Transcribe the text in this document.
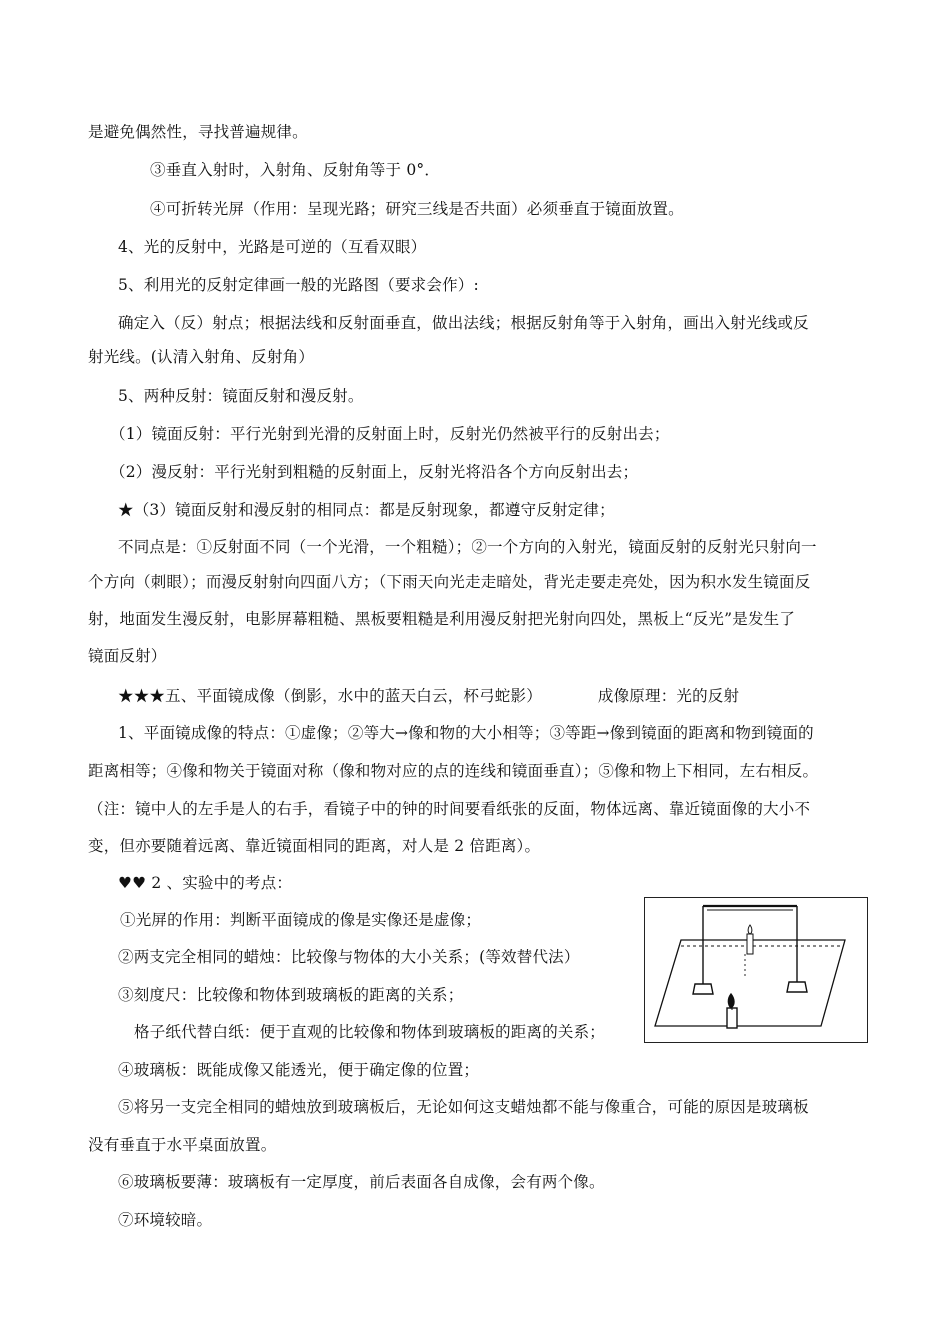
是避免偶然性，寻找普遍规律。
③垂直入射时，入射角、反射角等于 0°．
④可折转光屏（作用：呈现光路；研究三线是否共面）必须垂直于镜面放置。
4、光的反射中，光路是可逆的（互看双眼）
5、利用光的反射定律画一般的光路图（要求会作）:
确定入（反）射点；根据法线和反射面垂直，做出法线；根据反射角等于入射角，画出入射光线或反
射光线。(认清入射角、反射角）
5、两种反射：镜面反射和漫反射。
（1）镜面反射：平行光射到光滑的反射面上时，反射光仍然被平行的反射出去；
（2）漫反射：平行光射到粗糙的反射面上，反射光将沿各个方向反射出去；
★（3）镜面反射和漫反射的相同点：都是反射现象，都遵守反射定律；
不同点是：①反射面不同（一个光滑，一个粗糙）；②一个方向的入射光，镜面反射的反射光只射向一
个方向（刺眼）；而漫反射射向四面八方；（下雨天向光走走暗处，背光走要走亮处，因为积水发生镜面反
射，地面发生漫反射，电影屏幕粗糙、黑板要粗糙是利用漫反射把光射向四处，黑板上“反光”是发生了
镜面反射）
★★★五、平面镜成像（倒影，水中的蓝天白云，杯弓蛇影）	成像原理：光的反射
1、平面镜成像的特点：①虚像；②等大→像和物的大小相等；③等距→像到镜面的距离和物到镜面的
距离相等；④像和物关于镜面对称（像和物对应的点的连线和镜面垂直）；⑤像和物上下相同，左右相反。
（注：镜中人的左手是人的右手，看镜子中的钟的时间要看纸张的反面，物体远离、靠近镜面像的大小不
变，但亦要随着远离、靠近镜面相同的距离，对人是 2 倍距离）。
♥♥ 2 、实验中的考点：
①光屏的作用：判断平面镜成的像是实像还是虚像；
②两支完全相同的蜡烛：比较像与物体的大小关系；(等效替代法）
③刻度尺：比较像和物体到玻璃板的距离的关系；
格子纸代替白纸：便于直观的比较像和物体到玻璃板的距离的关系；
④玻璃板：既能成像又能透光，便于确定像的位置；
⑤将另一支完全相同的蜡烛放到玻璃板后，无论如何这支蜡烛都不能与像重合，可能的原因是玻璃板
没有垂直于水平桌面放置。
⑥玻璃板要薄：玻璃板有一定厚度，前后表面各自成像，会有两个像。
⑦环境较暗。
